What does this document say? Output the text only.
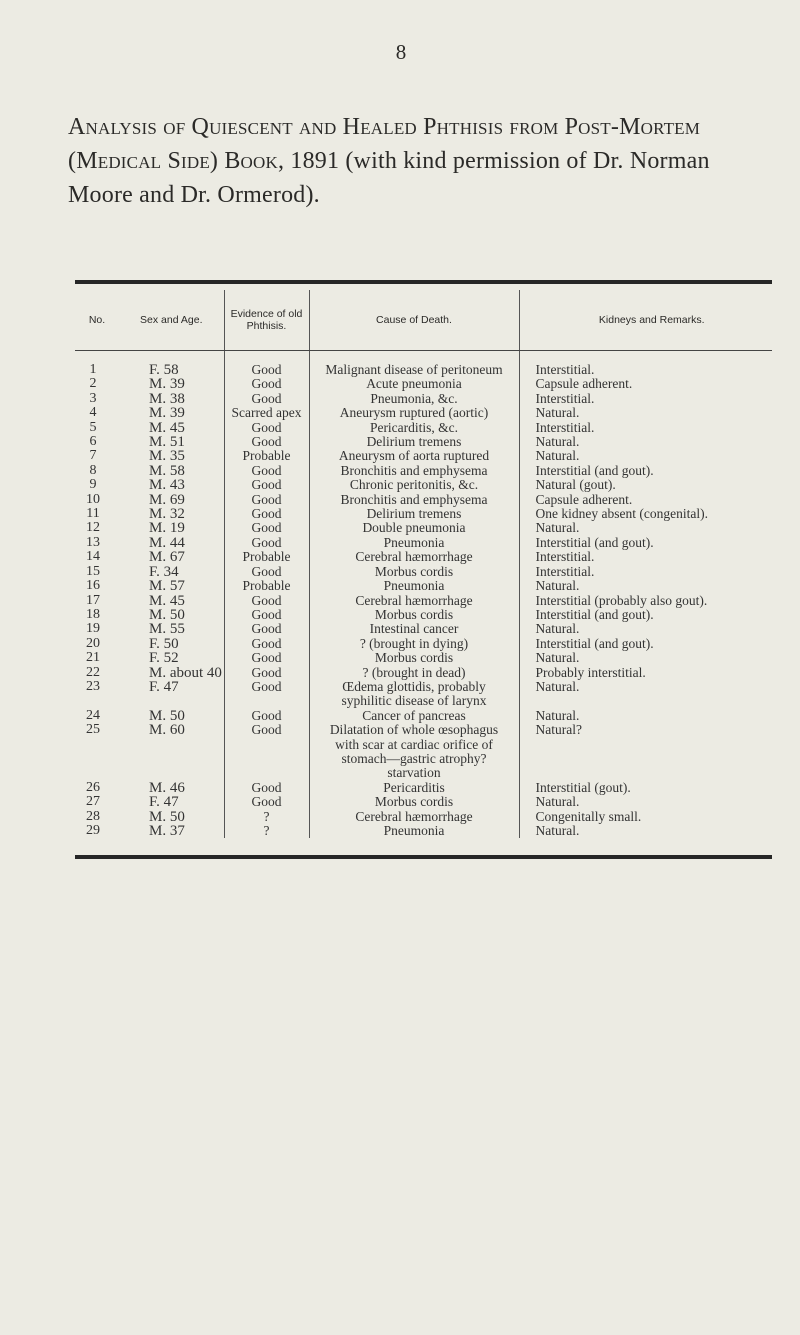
8
Analysis of Quiescent and Healed Phthisis from Post-Mortem (Medical Side) Book, 1891 (with kind permission of Dr. Norman Moore and Dr. Ormerod).
No.	Sex and Age.	Evidence of old Phthisis.	Cause of Death.	Kidneys and Remarks.
1	F. 58	Good	Malignant disease of peritoneum	Interstitial.
2	M. 39	Good	Acute pneumonia	Capsule adherent.
3	M. 38	Good	Pneumonia, &c.	Interstitial.
4	M. 39	Scarred apex	Aneurysm ruptured (aortic)	Natural.
5	M. 45	Good	Pericarditis, &c.	Interstitial.
6	M. 51	Good	Delirium tremens	Natural.
7	M. 35	Probable	Aneurysm of aorta ruptured	Natural.
8	M. 58	Good	Bronchitis and emphysema	Interstitial (and gout).
9	M. 43	Good	Chronic peritonitis, &c.	Natural (gout).
10	M. 69	Good	Bronchitis and emphysema	Capsule adherent.
11	M. 32	Good	Delirium tremens	One kidney absent (congenital).
12	M. 19	Good	Double pneumonia	Natural.
13	M. 44	Good	Pneumonia	Interstitial (and gout).
14	M. 67	Probable	Cerebral hæmorrhage	Interstitial.
15	F. 34	Good	Morbus cordis	Interstitial.
16	M. 57	Probable	Pneumonia	Natural.
17	M. 45	Good	Cerebral hæmorrhage	Interstitial (probably also gout).
18	M. 50	Good	Morbus cordis	Interstitial (and gout).
19	M. 55	Good	Intestinal cancer	Natural.
20	F. 50	Good	? (brought in dying)	Interstitial (and gout).
21	F. 52	Good	Morbus cordis	Natural.
22	M. about 40	Good	? (brought in dead)	Probably interstitial.
23	F. 47	Good	Œdema glottidis, probably syphilitic disease of larynx	Natural.
24	M. 50	Good	Cancer of pancreas	Natural.
25	M. 60	Good	Dilatation of whole œsophagus with scar at cardiac orifice of stomach—gastric atrophy? starvation	Natural?
26	M. 46	Good	Pericarditis	Interstitial (gout).
27	F. 47	Good	Morbus cordis	Natural.
28	M. 50	?	Cerebral hæmorrhage	Congenitally small.
29	M. 37	?	Pneumonia	Natural.
